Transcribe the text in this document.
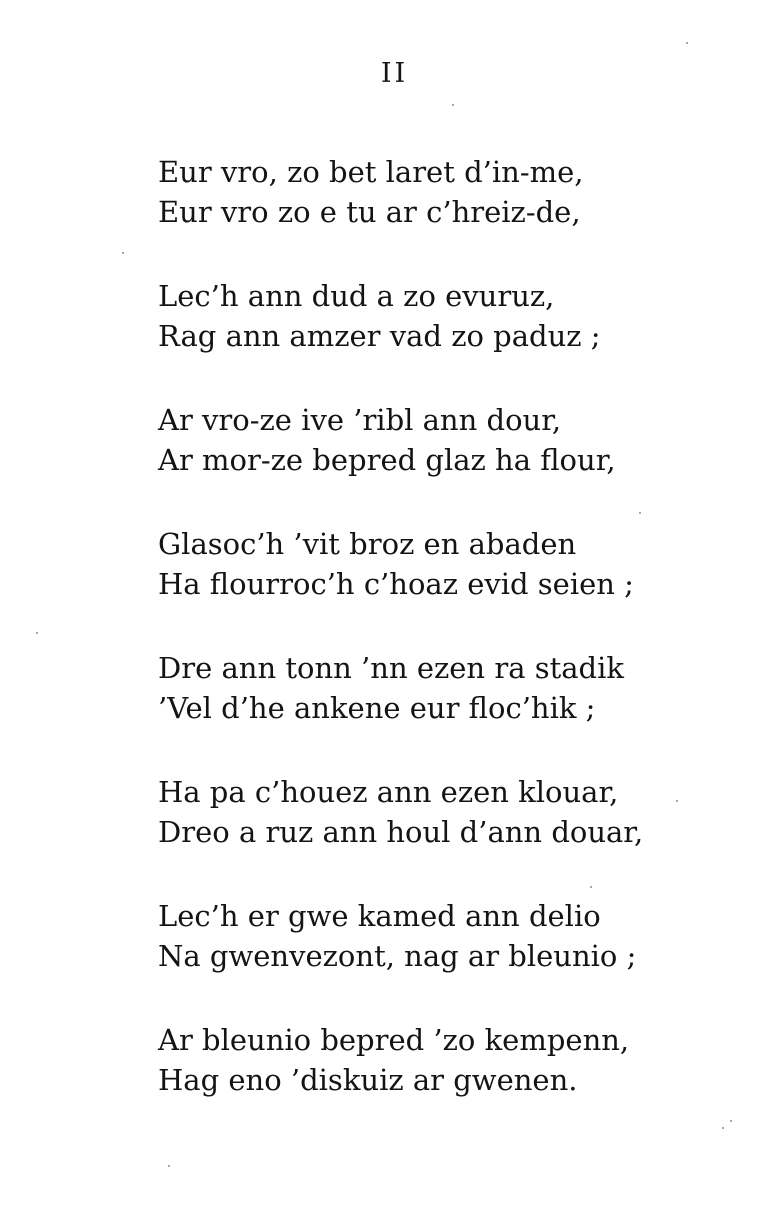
II
Eur vro, zo bet laret d’in-me,
Eur vro zo e tu ar c’hreiz-de,
Lec’h ann dud a zo evuruz,
Rag ann amzer vad zo paduz ;
Ar vro-ze ive ’ribl ann dour,
Ar mor-ze bepred glaz ha flour,
Glasoc’h ’vit broz en abaden
Ha flourroc’h c’hoaz evid seien ;
Dre ann tonn ’nn ezen ra stadik
’Vel d’he ankene eur floc’hik ;
Ha pa c’houez ann ezen klouar,
Dreo a ruz ann houl d’ann douar,
Lec’h er gwe kamed ann delio
Na gwenvezont, nag ar bleunio ;
Ar bleunio bepred ’zo kempenn,
Hag eno ’diskuiz ar gwenen.
